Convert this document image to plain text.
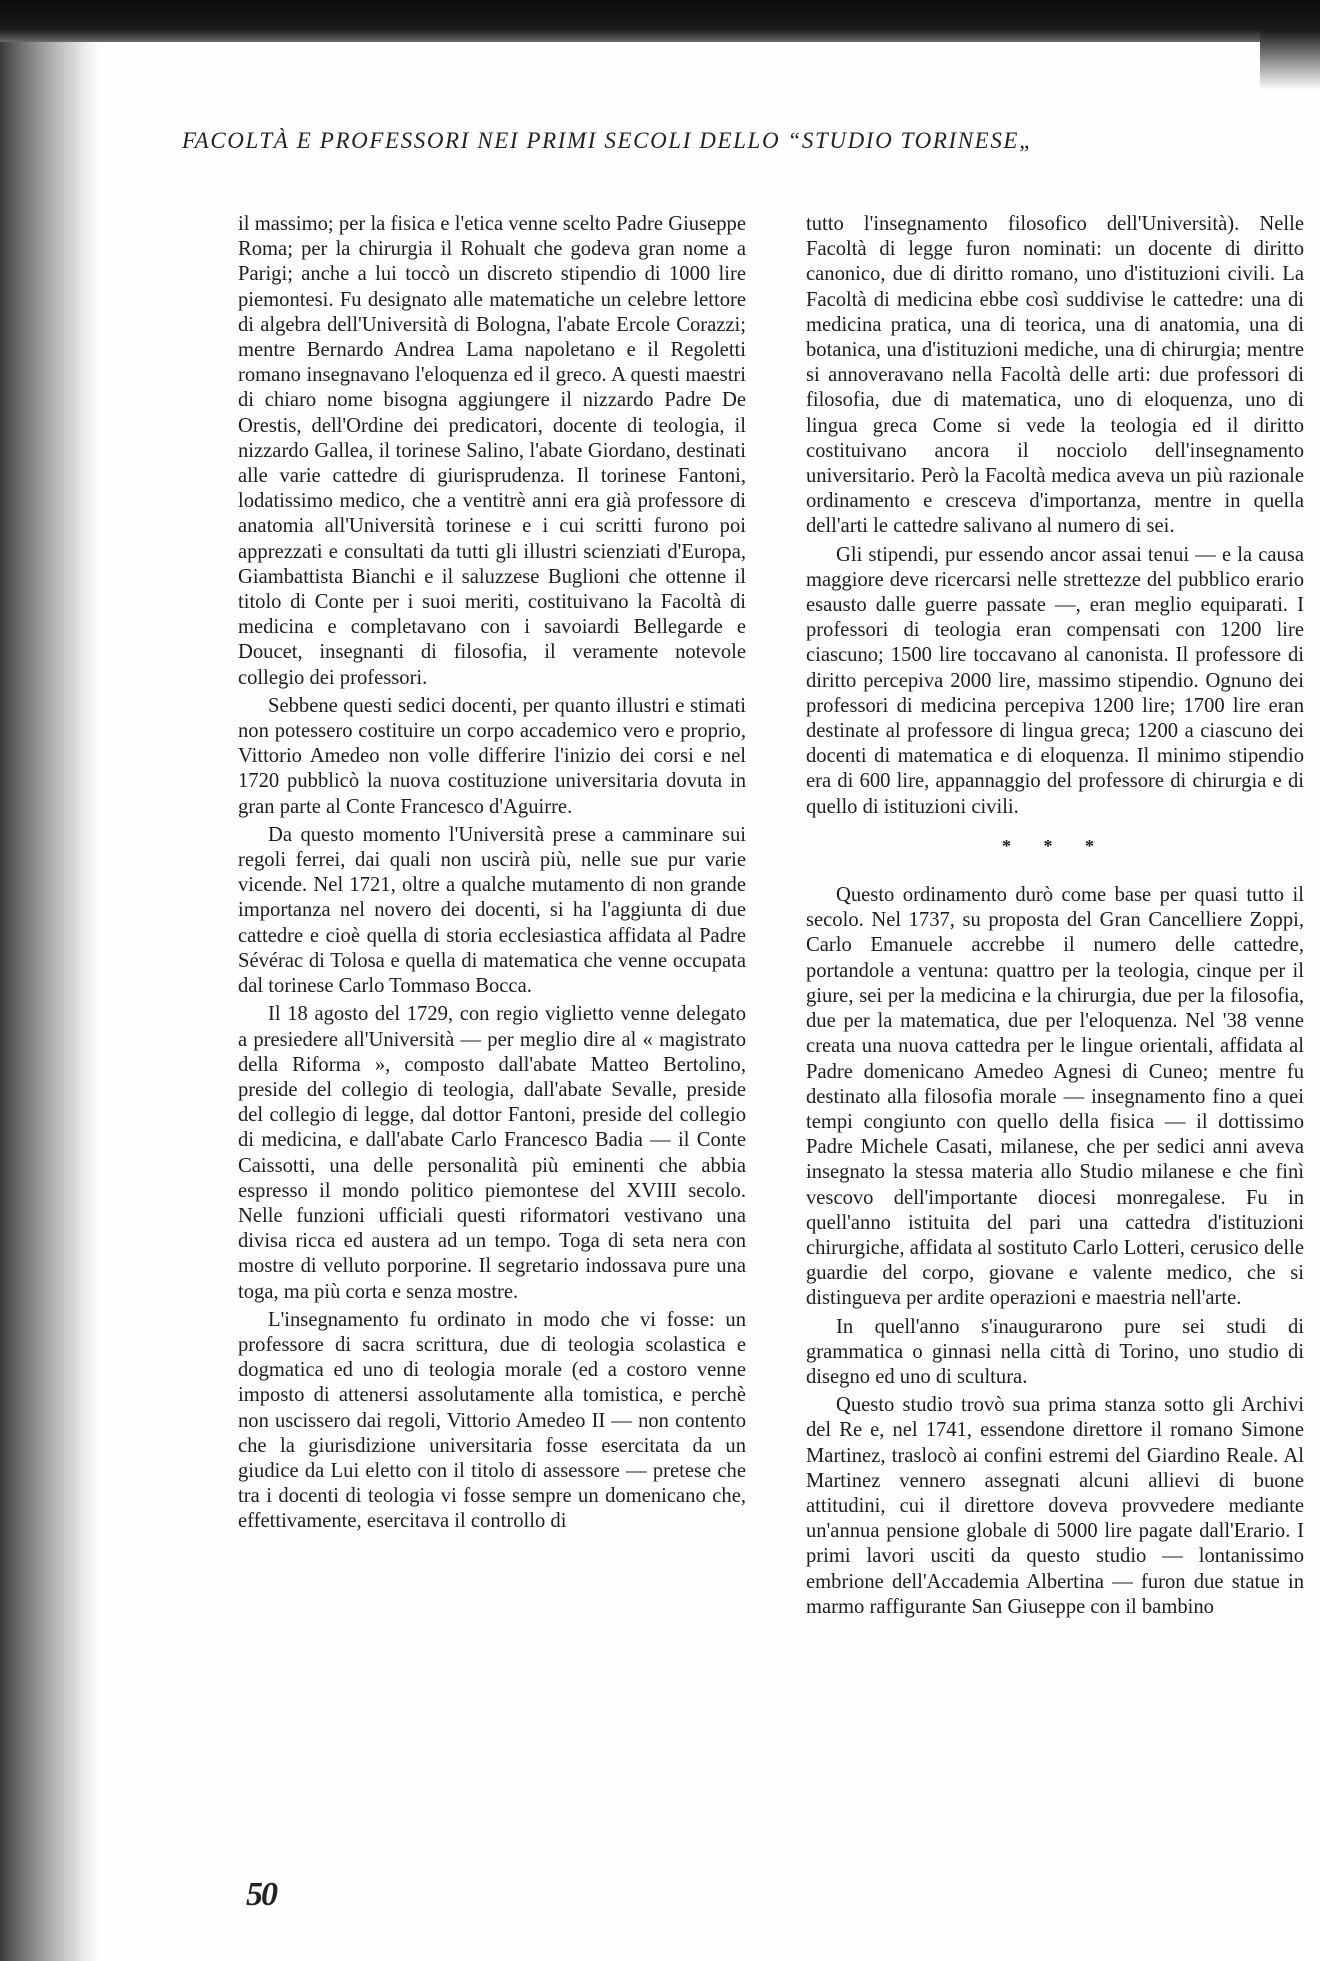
FACOLTÀ E PROFESSORI NEI PRIMI SECOLI DELLO “STUDIO TORINESE„

il massimo; per la fisica e l'etica venne scelto Padre Giuseppe Roma; per la chirurgia il Rohualt che godeva gran nome a Parigi; anche a lui toccò un discreto stipendio di 1000 lire piemontesi. Fu designato alle matematiche un celebre lettore di algebra dell'Università di Bologna, l'abate Ercole Corazzi; mentre Bernardo Andrea Lama napoletano e il Regoletti romano insegnavano l'eloquenza ed il greco. A questi maestri di chiaro nome bisogna aggiungere il nizzardo Padre De Orestis, dell'Ordine dei predicatori, docente di teologia, il nizzardo Gallea, il torinese Salino, l'abate Giordano, destinati alle varie cattedre di giurisprudenza. Il torinese Fantoni, lodatissimo medico, che a ventitrè anni era già professore di anatomia all'Università torinese e i cui scritti furono poi apprezzati e consultati da tutti gli illustri scienziati d'Europa, Giambattista Bianchi e il saluzzese Buglioni che ottenne il titolo di Conte per i suoi meriti, costituivano la Facoltà di medicina e completavano con i savoiardi Bellegarde e Doucet, insegnanti di filosofia, il veramente notevole collegio dei professori.

Sebbene questi sedici docenti, per quanto illustri e stimati non potessero costituire un corpo accademico vero e proprio, Vittorio Amedeo non volle differire l'inizio dei corsi e nel 1720 pubblicò la nuova costituzione universitaria dovuta in gran parte al Conte Francesco d'Aguirre.

Da questo momento l'Università prese a camminare sui regoli ferrei, dai quali non uscirà più, nelle sue pur varie vicende. Nel 1721, oltre a qualche mutamento di non grande importanza nel novero dei docenti, si ha l'aggiunta di due cattedre e cioè quella di storia ecclesiastica affidata al Padre Sévérac di Tolosa e quella di matematica che venne occupata dal torinese Carlo Tommaso Bocca.

Il 18 agosto del 1729, con regio viglietto venne delegato a presiedere all'Università — per meglio dire al « magistrato della Riforma », composto dall'abate Matteo Bertolino, preside del collegio di teologia, dall'abate Sevalle, preside del collegio di legge, dal dottor Fantoni, preside del collegio di medicina, e dall'abate Carlo Francesco Badia — il Conte Caissotti, una delle personalità più eminenti che abbia espresso il mondo politico piemontese del XVIII secolo. Nelle funzioni ufficiali questi riformatori vestivano una divisa ricca ed austera ad un tempo. Toga di seta nera con mostre di velluto porporine. Il segretario indossava pure una toga, ma più corta e senza mostre.

L'insegnamento fu ordinato in modo che vi fosse: un professore di sacra scrittura, due di teologia scolastica e dogmatica ed uno di teologia morale (ed a costoro venne imposto di attenersi assolutamente alla tomistica, e perchè non uscissero dai regoli, Vittorio Amedeo II — non contento che la giurisdizione universitaria fosse esercitata da un giudice da Lui eletto con il titolo di assessore — pretese che tra i docenti di teologia vi fosse sempre un domenicano che, effettivamente, esercitava il controllo di

tutto l'insegnamento filosofico dell'Università). Nelle Facoltà di legge furon nominati: un docente di diritto canonico, due di diritto romano, uno d'istituzioni civili. La Facoltà di medicina ebbe così suddivise le cattedre: una di medicina pratica, una di teorica, una di anatomia, una di botanica, una d'istituzioni mediche, una di chirurgia; mentre si annoveravano nella Facoltà delle arti: due professori di filosofia, due di matematica, uno di eloquenza, uno di lingua greca Come si vede la teologia ed il diritto costituivano ancora il nocciolo dell'insegnamento universitario. Però la Facoltà medica aveva un più razionale ordinamento e cresceva d'importanza, mentre in quella dell'arti le cattedre salivano al numero di sei.

Gli stipendi, pur essendo ancor assai tenui — e la causa maggiore deve ricercarsi nelle strettezze del pubblico erario esausto dalle guerre passate —, eran meglio equiparati. I professori di teologia eran compensati con 1200 lire ciascuno; 1500 lire toccavano al canonista. Il professore di diritto percepiva 2000 lire, massimo stipendio. Ognuno dei professori di medicina percepiva 1200 lire; 1700 lire eran destinate al professore di lingua greca; 1200 a ciascuno dei docenti di matematica e di eloquenza. Il minimo stipendio era di 600 lire, appannaggio del professore di chirurgia e di quello di istituzioni civili.

* * *

Questo ordinamento durò come base per quasi tutto il secolo. Nel 1737, su proposta del Gran Cancelliere Zoppi, Carlo Emanuele accrebbe il numero delle cattedre, portandole a ventuna: quattro per la teologia, cinque per il giure, sei per la medicina e la chirurgia, due per la filosofia, due per la matematica, due per l'eloquenza. Nel '38 venne creata una nuova cattedra per le lingue orientali, affidata al Padre domenicano Amedeo Agnesi di Cuneo; mentre fu destinato alla filosofia morale — insegnamento fino a quei tempi congiunto con quello della fisica — il dottissimo Padre Michele Casati, milanese, che per sedici anni aveva insegnato la stessa materia allo Studio milanese e che finì vescovo dell'importante diocesi monregalese. Fu in quell'anno istituita del pari una cattedra d'istituzioni chirurgiche, affidata al sostituto Carlo Lotteri, cerusico delle guardie del corpo, giovane e valente medico, che si distingueva per ardite operazioni e maestria nell'arte.

In quell'anno s'inaugurarono pure sei studi di grammatica o ginnasi nella città di Torino, uno studio di disegno ed uno di scultura.

Questo studio trovò sua prima stanza sotto gli Archivi del Re e, nel 1741, essendone direttore il romano Simone Martinez, traslocò ai confini estremi del Giardino Reale. Al Martinez vennero assegnati alcuni allievi di buone attitudini, cui il direttore doveva provvedere mediante un'annua pensione globale di 5000 lire pagate dall'Erario. I primi lavori usciti da questo studio — lontanissimo embrione dell'Accademia Albertina — furon due statue in marmo raffigurante San Giuseppe con il bambino

50
